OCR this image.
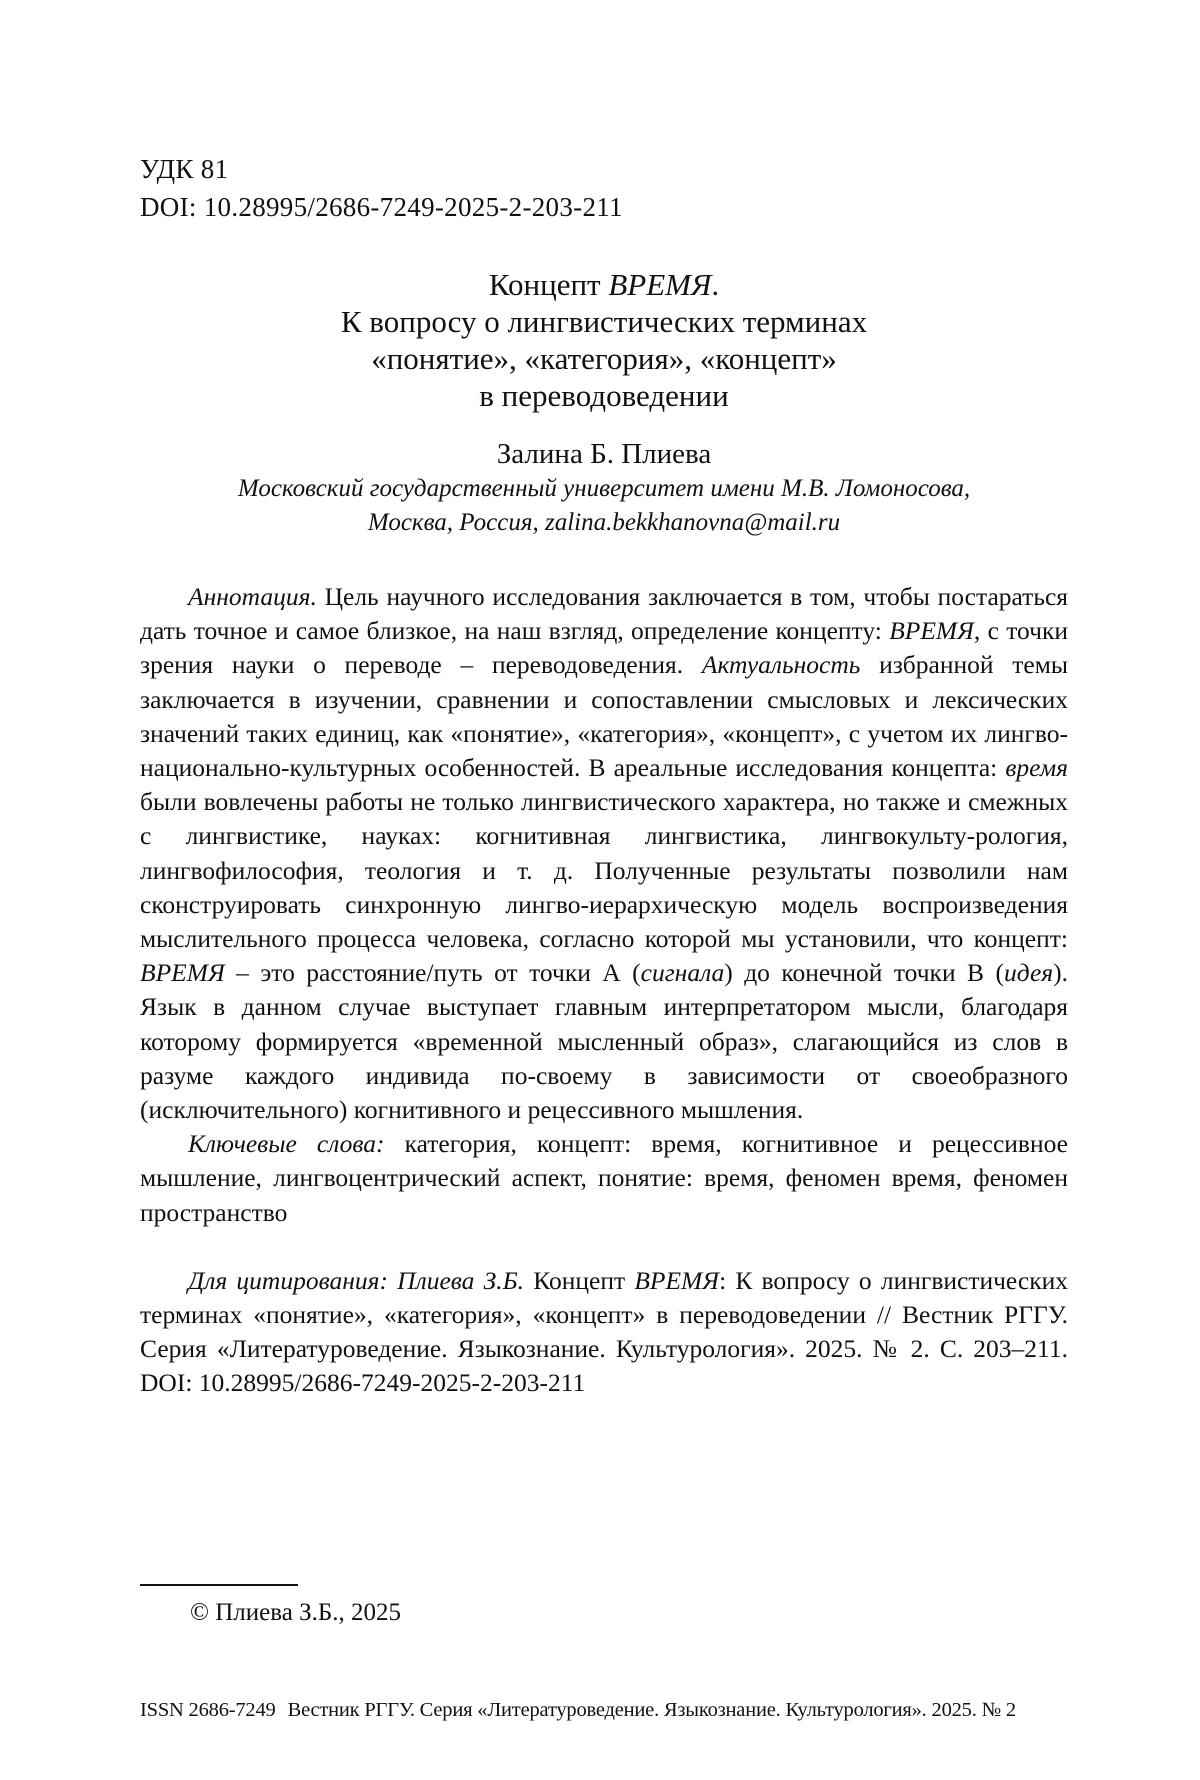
УДК 81
DOI: 10.28995/2686-7249-2025-2-203-211
Концепт ВРЕМЯ.
К вопросу о лингвистических терминах
«понятие», «категория», «концепт»
в переводоведении
Залина Б. Плиева
Московский государственный университет имени М.В. Ломоносова,
Москва, Россия, zalina.bekkhanovna@mail.ru

Аннотация. Цель научного исследования заключается в том, чтобы постараться дать точное и самое близкое, на наш взгляд, определение концепту: ВРЕМЯ, с точки зрения науки о переводе – переводоведения. Актуальность избранной темы заключается в изучении, сравнении и сопоставлении смысловых и лексических значений таких единиц, как «понятие», «категория», «концепт», с учетом их лингво-национально-культурных особенностей. В ареальные исследования концепта: время были вовлечены работы не только лингвистического характера, но также и смежных с лингвистике, науках: когнитивная лингвистика, лингвокульту-рология, лингвофилософия, теология и т. д. Полученные результаты позволили нам сконструировать синхронную лингво-иерархическую модель воспроизведения мыслительного процесса человека, согласно которой мы установили, что концепт: ВРЕМЯ – это расстояние/путь от точки А (сигнала) до конечной точки В (идея). Язык в данном случае выступает главным интерпретатором мысли, благодаря которому формируется «временной мысленный образ», слагающийся из слов в разуме каждого индивида по-своему в зависимости от своеобразного (исключительного) когнитивного и рецессивного мышления.

Ключевые слова: категория, концепт: время, когнитивное и рецессивное мышление, лингвоцентрический аспект, понятие: время, феномен время, феномен пространство

Для цитирования: Плиева З.Б. Концепт ВРЕМЯ: К вопросу о лингвистических терминах «понятие», «категория», «концепт» в переводоведении // Вестник РГГУ. Серия «Литературоведение. Языкознание. Культурология». 2025. № 2. С. 203–211. DOI: 10.28995/2686-7249-2025-2-203-211
© Плиева З.Б., 2025
ISSN 2686-7249 Вестник РГГУ. Серия «Литературоведение. Языкознание. Культурология». 2025. № 2
